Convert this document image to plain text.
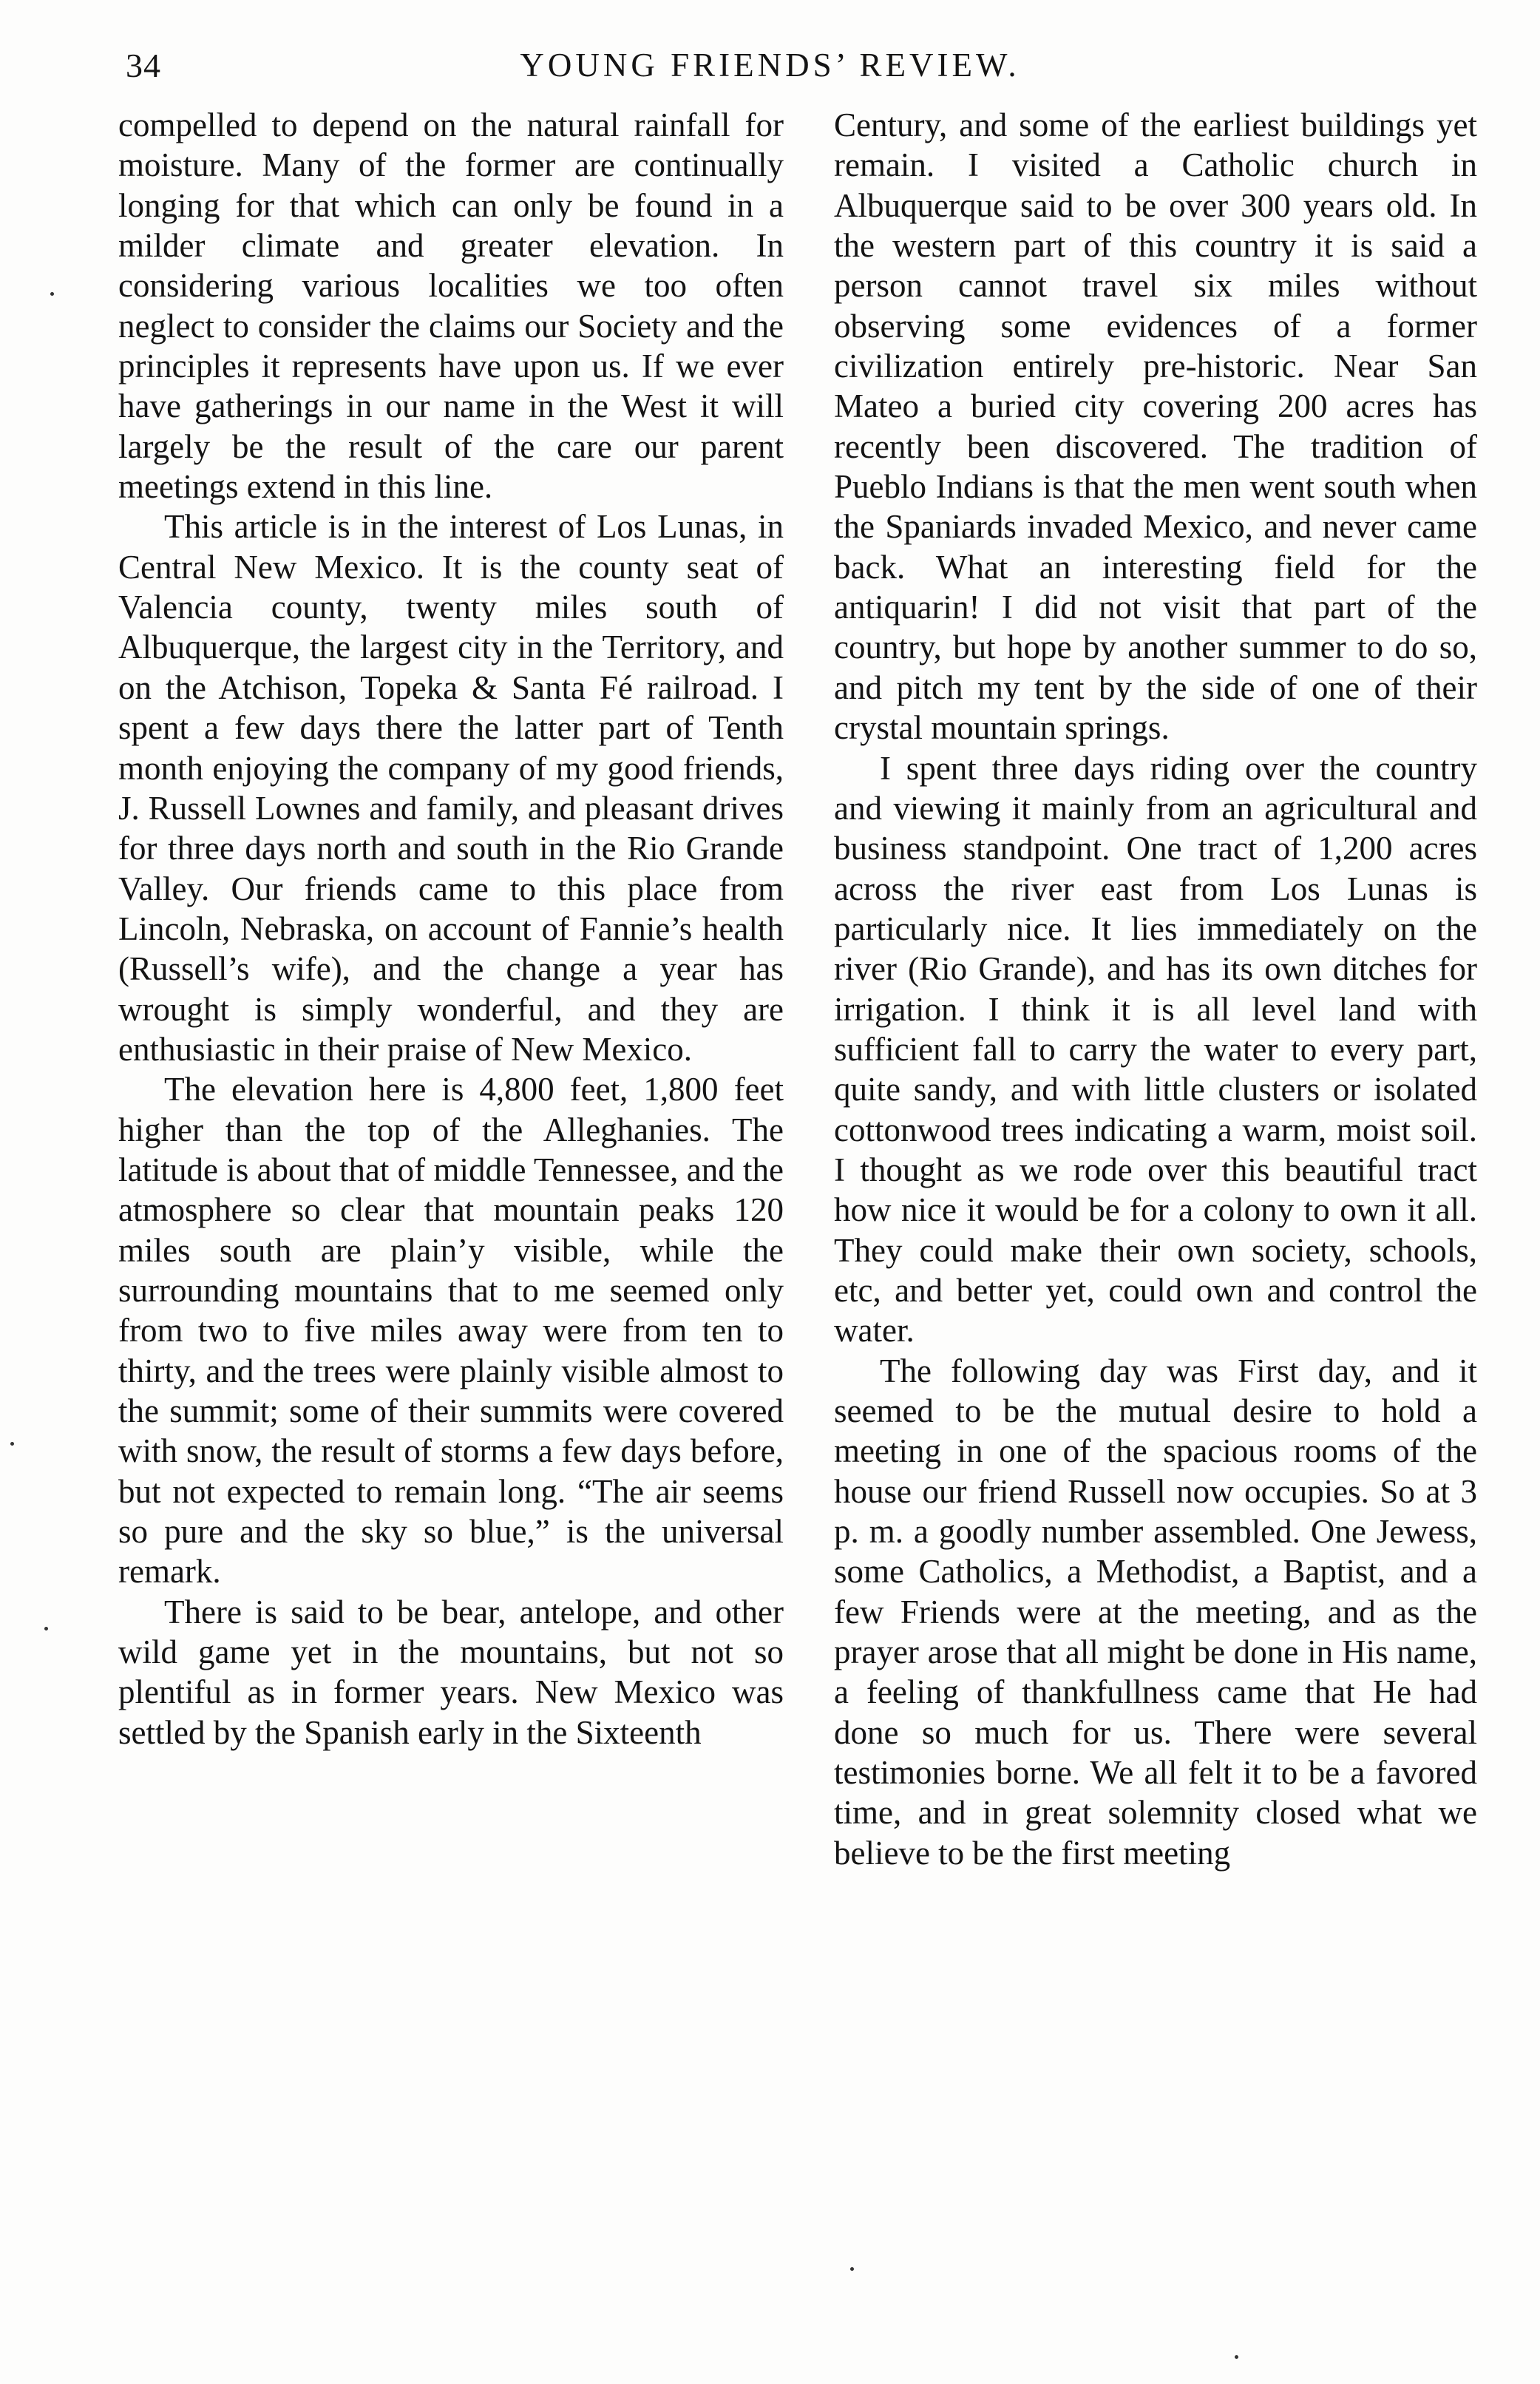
34	YOUNG FRIENDS’ REVIEW.

compelled to depend on the natural rainfall for moisture. Many of the former are continually longing for that which can only be found in a milder climate and greater elevation. In considering various localities we too often neglect to consider the claims our Society and the principles it represents have upon us. If we ever have gatherings in our name in the West it will largely be the result of the care our parent meetings extend in this line.

This article is in the interest of Los Lunas, in Central New Mexico. It is the county seat of Valencia county, twenty miles south of Albuquerque, the largest city in the Territory, and on the Atchison, Topeka & Santa Fé railroad. I spent a few days there the latter part of Tenth month enjoying the company of my good friends, J. Russell Lownes and family, and pleasant drives for three days north and south in the Rio Grande Valley. Our friends came to this place from Lincoln, Nebraska, on account of Fannie’s health (Russell’s wife), and the change a year has wrought is simply wonderful, and they are enthusiastic in their praise of New Mexico.

The elevation here is 4,800 feet, 1,800 feet higher than the top of the Alleghanies. The latitude is about that of middle Tennessee, and the atmosphere so clear that mountain peaks 120 miles south are plain’y visible, while the surrounding mountains that to me seemed only from two to five miles away were from ten to thirty, and the trees were plainly visible almost to the summit; some of their summits were covered with snow, the result of storms a few days before, but not expected to remain long. “The air seems so pure and the sky so blue,” is the universal remark.

There is said to be bear, antelope, and other wild game yet in the mountains, but not so plentiful as in former years. New Mexico was settled by the Spanish early in the Sixteenth

Century, and some of the earliest buildings yet remain. I visited a Catholic church in Albuquerque said to be over 300 years old. In the western part of this country it is said a person cannot travel six miles without observing some evidences of a former civilization entirely pre-historic. Near San Mateo a buried city covering 200 acres has recently been discovered. The tradition of Pueblo Indians is that the men went south when the Spaniards invaded Mexico, and never came back. What an interesting field for the antiquarin! I did not visit that part of the country, but hope by another summer to do so, and pitch my tent by the side of one of their crystal mountain springs.

I spent three days riding over the country and viewing it mainly from an agricultural and business standpoint. One tract of 1,200 acres across the river east from Los Lunas is particularly nice. It lies immediately on the river (Rio Grande), and has its own ditches for irrigation. I think it is all level land with sufficient fall to carry the water to every part, quite sandy, and with little clusters or isolated cottonwood trees indicating a warm, moist soil. I thought as we rode over this beautiful tract how nice it would be for a colony to own it all. They could make their own society, schools, etc, and better yet, could own and control the water.

The following day was First day, and it seemed to be the mutual desire to hold a meeting in one of the spacious rooms of the house our friend Russell now occupies. So at 3 p. m. a goodly number assembled. One Jewess, some Catholics, a Methodist, a Baptist, and a few Friends were at the meeting, and as the prayer arose that all might be done in His name, a feeling of thankfullness came that He had done so much for us. There were several testimonies borne. We all felt it to be a favored time, and in great solemnity closed what we believe to be the first meeting
